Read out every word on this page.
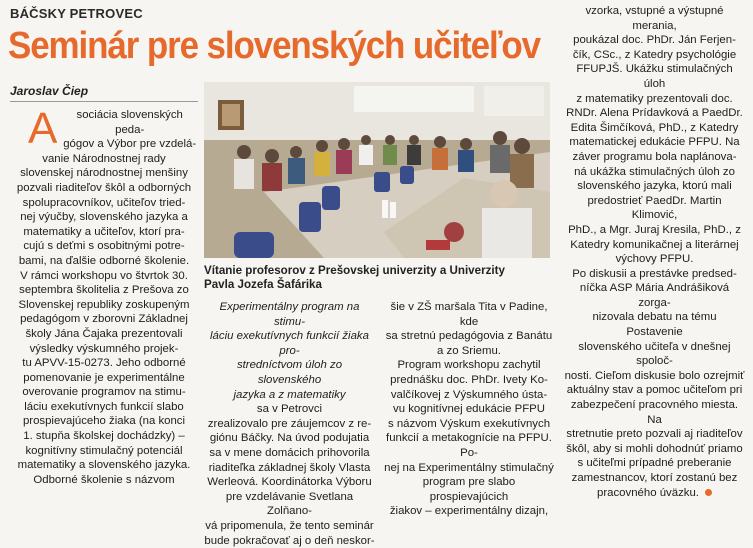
BÁČSKY PETROVEC
Seminár pre slovenských učiteľov
Jaroslav Čiep
A	sociácia slovenských peda-
gógov a Výbor pre vzdelá-
vanie Národnostnej rady
slovenskej národnostnej menšiny
pozvali riaditeľov škôl a odborných
spolupracovníkov, učiteľov tried-
nej výučby, slovenského jazyka a
matematiky a učiteľov, ktorí pra-
cujú s deťmi s osobitnými potre-
bami, na ďalšie odborné školenie.
V rámci workshopu vo štvrtok 30.
septembra školitelia z Prešova zo
Slovenskej republiky zoskupeným
pedagógom v zborovni Základnej
školy Jána Čajaka prezentovali
výsledky výskumného projek-
tu APVV-15-0273. Jeho odborné
pomenovanie je experimentálne
overovanie programov na stimu-
láciu exekutívnych funkcií slabo
prospievajúceho žiaka (na konci
1. stupňa školskej dochádzky) –
kognitívny stimulačný potenciál
matematiky a slovenského jazyka.
Odborné školenie s názvom
Vítanie profesorov z Prešovskej univerzity a Univerzity
Pavla Jozefa Šafárika
Experimentálny program na stimu-
láciu exekutívnych funkcií žiaka pro-
stredníctvom úloh zo slovenského
jazyka a z matematiky
sa v Petrovci
zrealizovalo pre záujemcov z re-
giónu Báčky. Na úvod podujatia
sa v mene domácich prihovorila
riaditeľka základnej školy Vlasta
Werleová. Koordinátorka Výboru
pre vzdelávanie Svetlana Zolňano-
vá pripomenula, že tento seminár
bude pokračovať aj o deň neskor-
šie v ZŠ maršala Tita v Padine, kde
sa stretnú pedagógovia z Banátu
a zo Sriemu.
Program workshopu zachytil
prednášku doc. PhDr. Ivety Ko-
valčíkovej z Výskumného ústa-
vu kognitívnej edukácie PFPU
s názvom Výskum exekutívnych
funkcií a metakognície na PFPU. Po-
nej na Experimentálny stimulačný
program pre slabo prospievajúcich
žiakov – experimentálny dizajn,
vzorka, vstupné a výstupné merania,
poukázal doc. PhDr. Ján Ferjen-
čík, CSc., z Katedry psychológie
FFUPJŠ. Ukážku stimulačných úloh
z matematiky prezentovali doc.
RNDr. Alena Prídavková a PaedDr.
Edita Šimčíková, PhD., z Katedry
matematickej edukácie PFPU. Na
záver programu bola naplánova-
ná ukážka stimulačných úloh zo
slovenského jazyka, ktorú mali
predostrieť PaedDr. Martin Klimović,
PhD., a Mgr. Juraj Kresila, PhD., z
Katedry komunikačnej a literárnej
výchovy PFPU.
Po diskusii a prestávke predsed-
níčka ASP Mária Andrášiková zorga-
nizovala debatu na tému Postavenie
slovenského učiteľa v dnešnej spoloč-
nosti. Cieľom diskusie bolo ozrejmiť
aktuálny stav a pomoc učiteľom pri
zabezpečení pracovného miesta. Na
stretnutie preto pozvali aj riaditeľov
škôl, aby si mohli dohodnúť priamo
s učiteľmi prípadné preberanie
zamestnancov, ktorí zostanú bez
pracovného úväzku.
